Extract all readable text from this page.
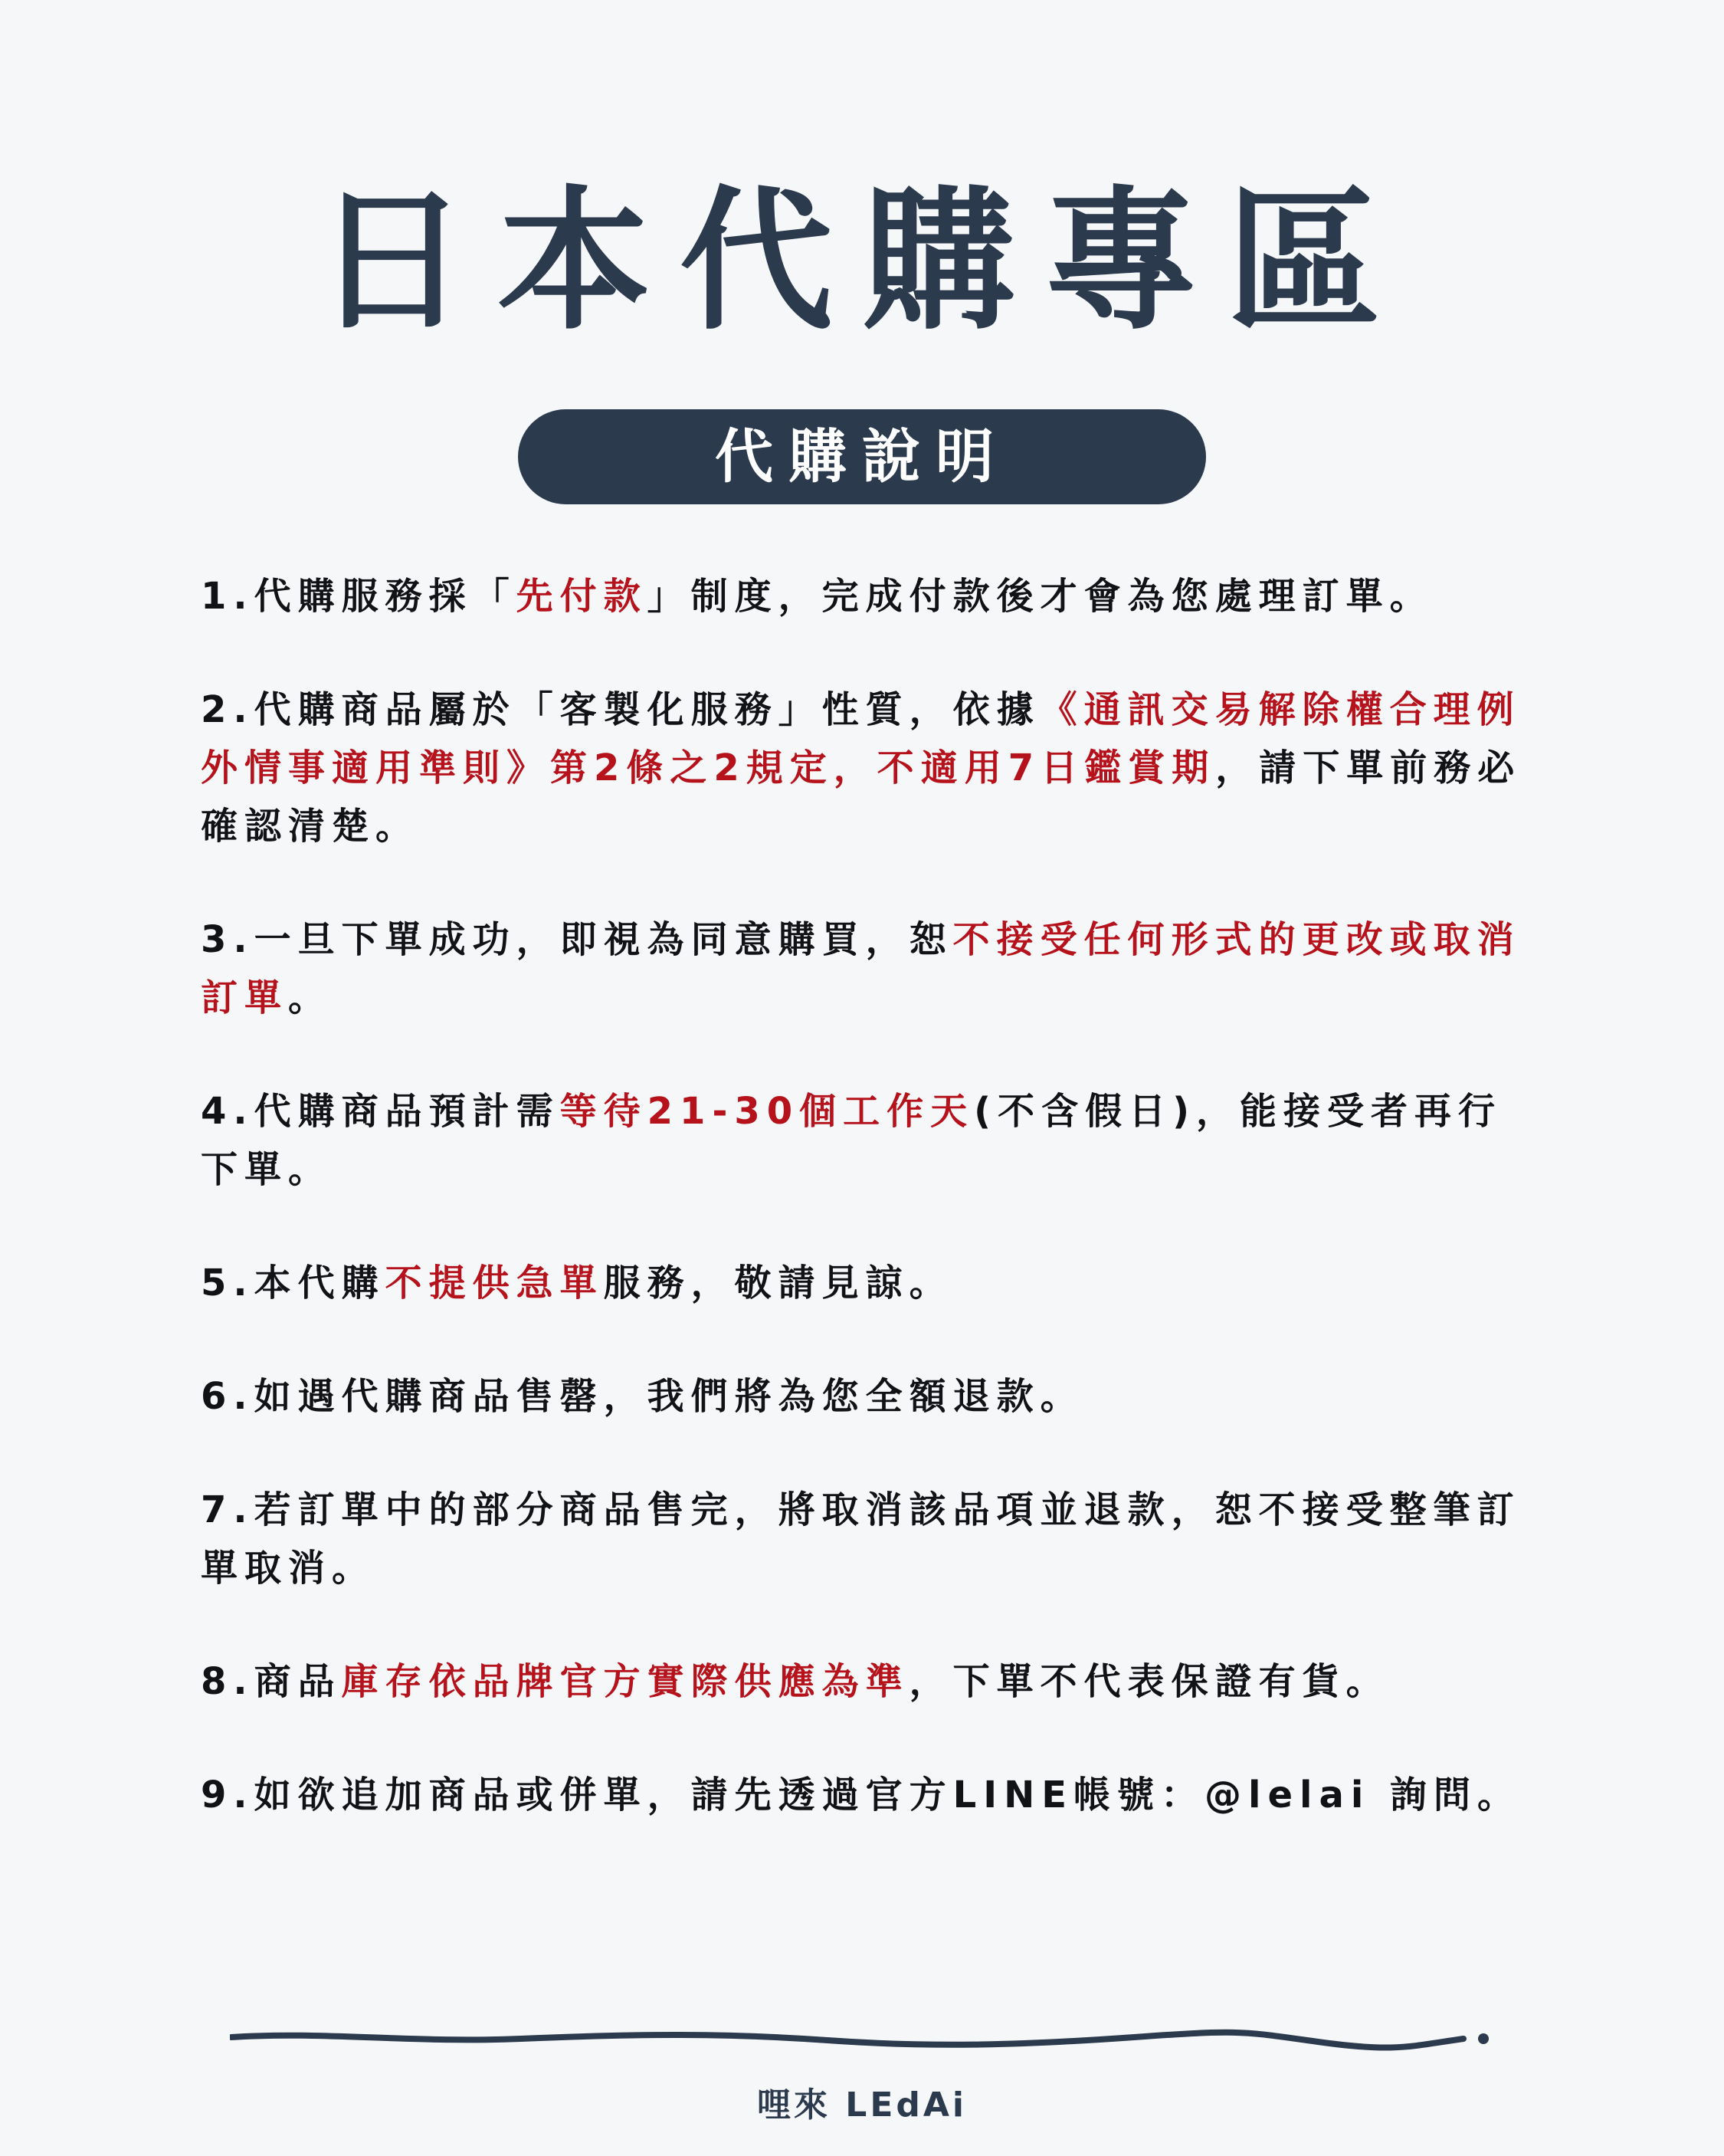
日本代購專區
代購說明
1.代購服務採「先付款」制度，完成付款後才會為您處理訂單。
2.代購商品屬於「客製化服務」性質，依據《通訊交易解除權合理例外情事適用準則》第2條之2規定，不適用7日鑑賞期，請下單前務必確認清楚。
3.一旦下單成功，即視為同意購買，恕不接受任何形式的更改或取消訂單。
4.代購商品預計需等待21-30個工作天(不含假日)，能接受者再行下單。
5.本代購不提供急單服務，敬請見諒。
6.如遇代購商品售罄，我們將為您全額退款。
7.若訂單中的部分商品售完，將取消該品項並退款，恕不接受整筆訂單取消。
8.商品庫存依品牌官方實際供應為準，下單不代表保證有貨。
9.如欲追加商品或併單，請先透過官方LINE帳號：@lelai 詢問。
哩來 LEdAi
